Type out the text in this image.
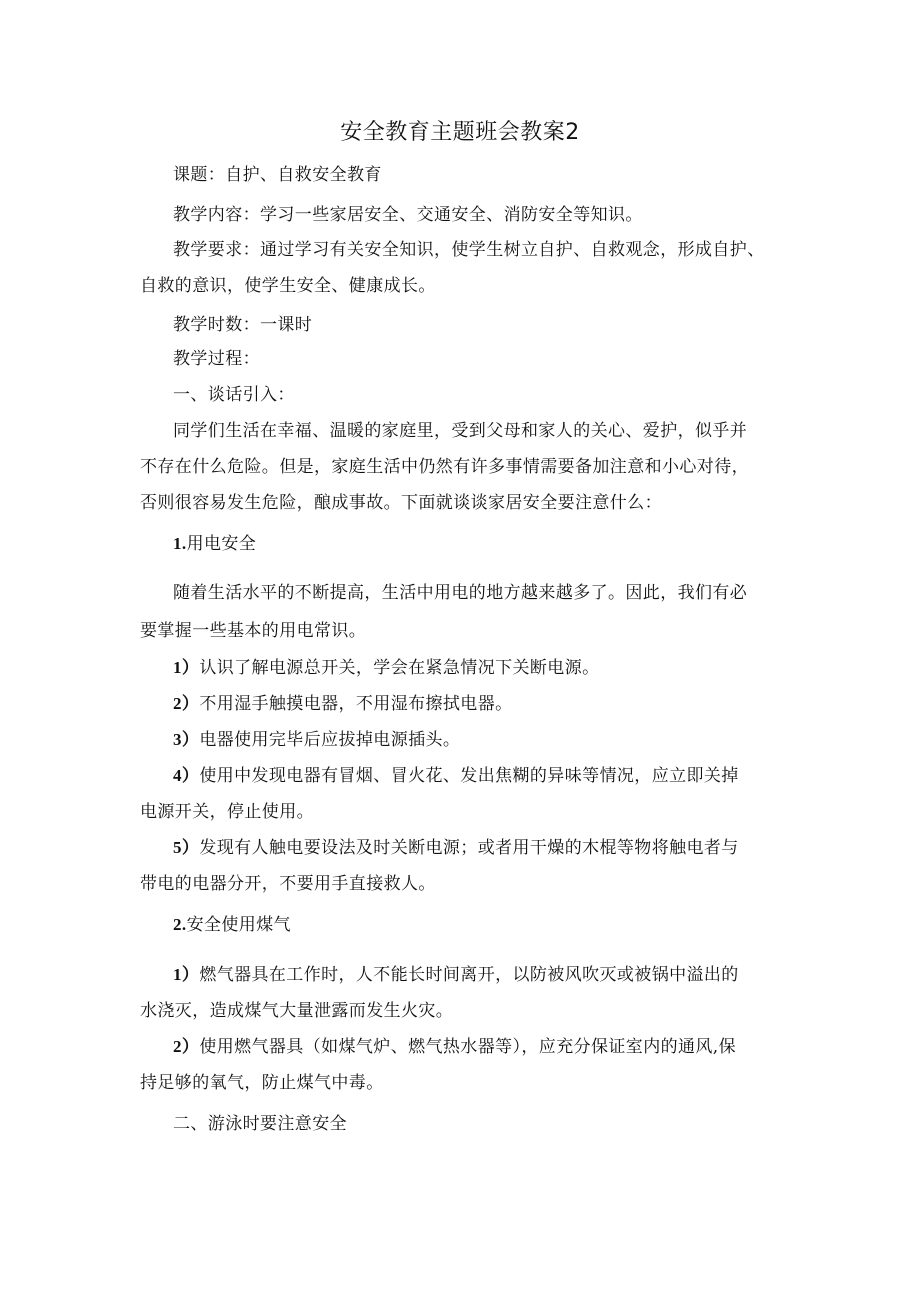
安全教育主题班会教案2
课题：自护、自救安全教育
教学内容：学习一些家居安全、交通安全、消防安全等知识。
教学要求：通过学习有关安全知识，使学生树立自护、自救观念，形成自护、
自救的意识，使学生安全、健康成长。
教学时数：一课时
教学过程：
一、谈话引入：
同学们生活在幸福、温暖的家庭里，受到父母和家人的关心、爱护，似乎并
不存在什么危险。但是，家庭生活中仍然有许多事情需要备加注意和小心对待，
否则很容易发生危险，酿成事故。下面就谈谈家居安全要注意什么：
1.用电安全
随着生活水平的不断提高，生活中用电的地方越来越多了。因此，我们有必
要掌握一些基本的用电常识。
1）认识了解电源总开关，学会在紧急情况下关断电源。
2）不用湿手触摸电器，不用湿布擦拭电器。
3）电器使用完毕后应拔掉电源插头。
4）使用中发现电器有冒烟、冒火花、发出焦糊的异味等情况，应立即关掉
电源开关，停止使用。
5）发现有人触电要设法及时关断电源；或者用干燥的木棍等物将触电者与
带电的电器分开，不要用手直接救人。
2.安全使用煤气
1）燃气器具在工作时，人不能长时间离开，以防被风吹灭或被锅中溢出的
水浇灭，造成煤气大量泄露而发生火灾。
2）使用燃气器具（如煤气炉、燃气热水器等），应充分保证室内的通风,保
持足够的氧气，防止煤气中毒。
二、游泳时要注意安全
